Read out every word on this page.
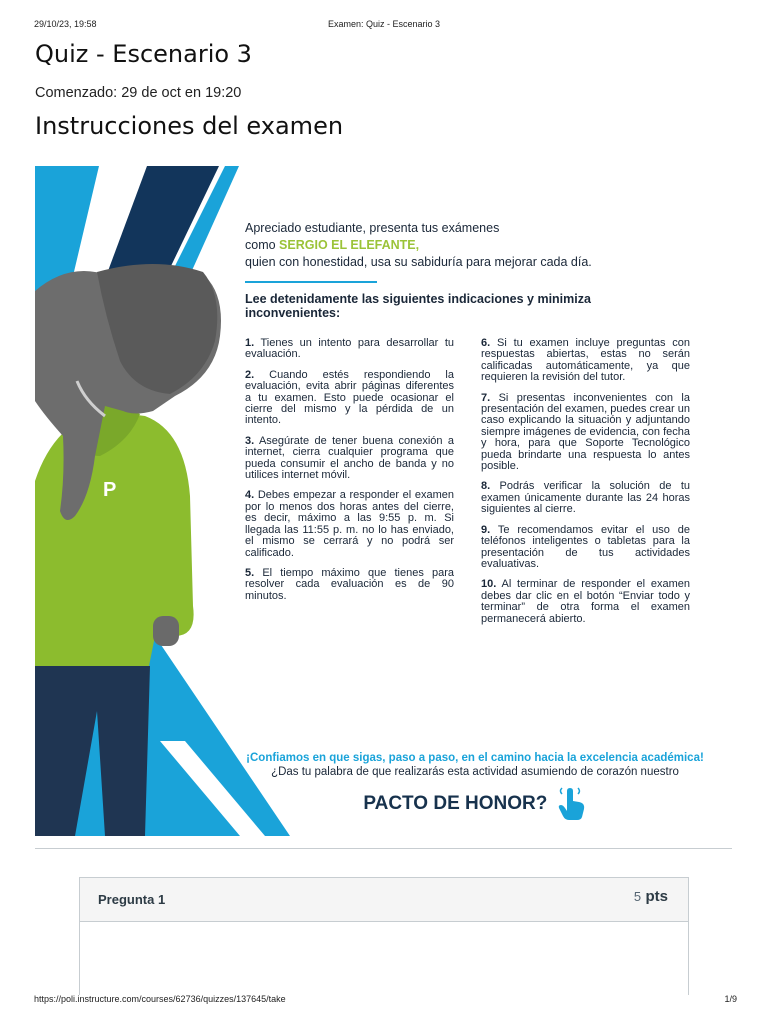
29/10/23, 19:58	Examen: Quiz - Escenario 3
Quiz - Escenario 3
Comenzado: 29 de oct en 19:20
Instrucciones del examen
P
Apreciado estudiante, presenta tus exámenes
como SERGIO EL ELEFANTE,
quien con honestidad, usa su sabiduría para mejorar cada día.
Lee detenidamente las siguientes indicaciones y minimiza inconvenientes:
1. Tienes un intento para desarrollar tu evaluación.
2. Cuando estés respondiendo la evaluación, evita abrir páginas diferentes a tu examen. Esto puede ocasionar el cierre del mismo y la pérdida de un intento.
3. Asegúrate de tener buena conexión a internet, cierra cualquier programa que pueda consumir el ancho de banda y no utilices internet móvil.
4. Debes empezar a responder el examen por lo menos dos horas antes del cierre, es decir, máximo a las 9:55 p. m. Si llegada las 11:55 p. m. no lo has enviado, el mismo se cerrará y no podrá ser calificado.
5. El tiempo máximo que tienes para resolver cada evaluación es de 90 minutos.
6. Si tu examen incluye preguntas con respuestas abiertas, estas no serán calificadas automáticamente, ya que requieren la revisión del tutor.
7. Si presentas inconvenientes con la presentación del examen, puedes crear un caso explicando la situación y adjuntando siempre imágenes de evidencia, con fecha y hora, para que Soporte Tecnológico pueda brindarte una respuesta lo antes posible.
8. Podrás verificar la solución de tu examen únicamente durante las 24 horas siguientes al cierre.
9. Te recomendamos evitar el uso de teléfonos inteligentes o tabletas para la presentación de tus actividades evaluativas.
10. Al terminar de responder el examen debes dar clic en el botón “Enviar todo y terminar” de otra forma el examen permanecerá abierto.
¡Confiamos en que sigas, paso a paso, en el camino hacia la excelencia académica!
¿Das tu palabra de que realizarás esta actividad asumiendo de corazón nuestro
PACTO DE HONOR?
Pregunta 1	5 pts
https://poli.instructure.com/courses/62736/quizzes/137645/take	1/9
